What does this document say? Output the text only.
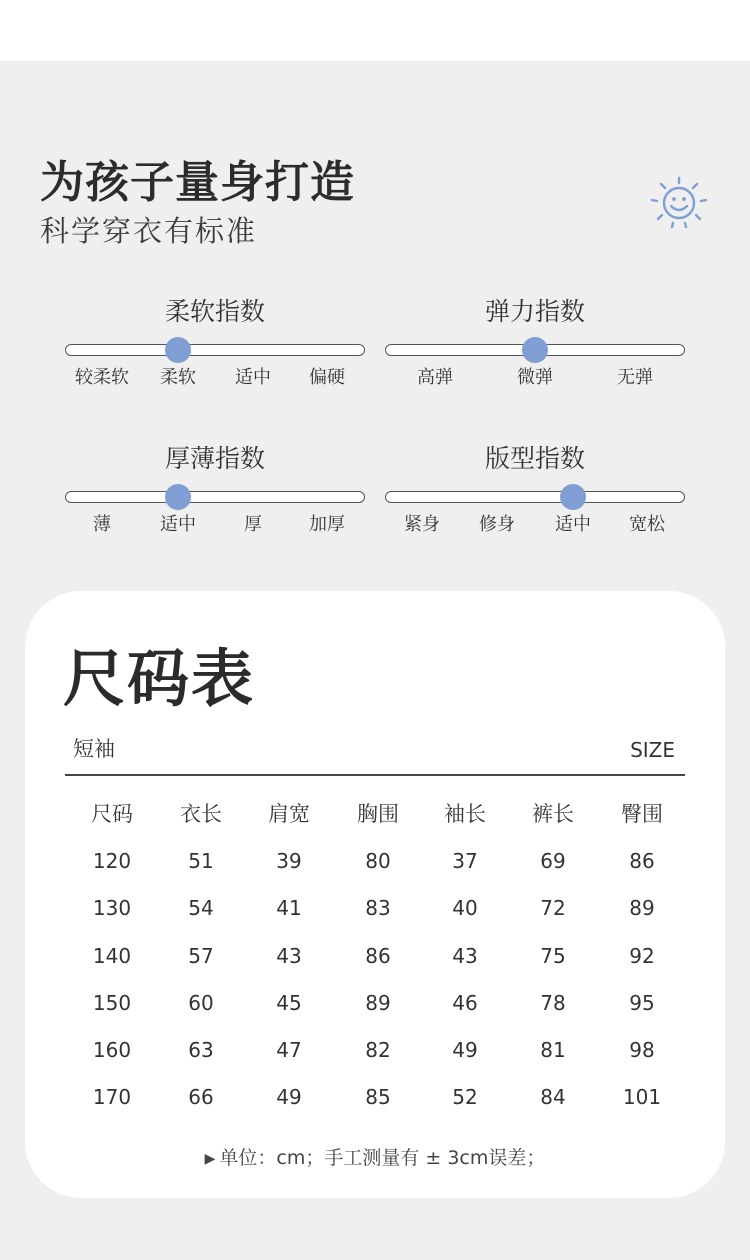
为孩子量身打造
科学穿衣有标准
柔软指数
较柔软	柔软	适中	偏硬
弹力指数
高弹	微弹	无弹
厚薄指数
薄	适中	厚	加厚
版型指数
紧身	修身	适中	宽松
尺码表
短袖	SIZE
尺码	衣长	肩宽	胸围	袖长	裤长	臀围
120	51	39	80	37	69	86
130	54	41	83	40	72	89
140	57	43	86	43	75	92
150	60	45	89	46	78	95
160	63	47	82	49	81	98
170	66	49	85	52	84	101
▶ 单位：cm；手工测量有 ± 3cm误差；
